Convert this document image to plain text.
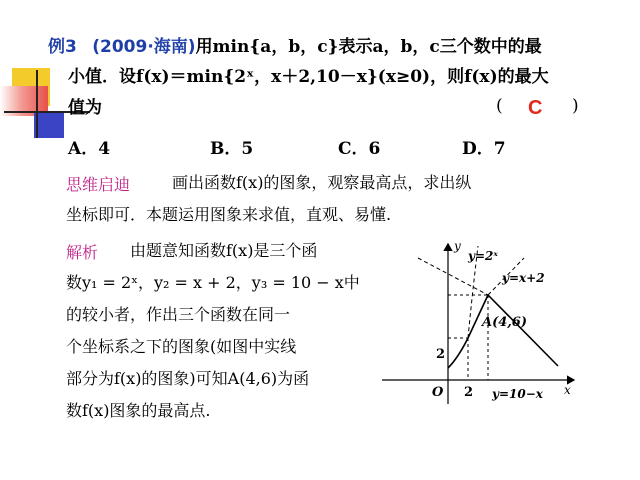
例3 (2009·海南)用min{a，b，c}表示a，b，c三个数中的最
小值．设f(x)＝min{2ˣ，x＋2,10－x}(x≥0)，则f(x)的最大
值为	( C )
A．4	B．5	C．6	D．7
思维启迪	画出函数f(x)的图象，观察最高点，求出纵
坐标即可．本题运用图象来求值，直观、易懂.
解析 由题意知函数f(x)是三个函
数y₁ = 2ˣ，y₂ = x + 2，y₃ = 10 − x中
的较小者，作出三个函数在同一
个坐标系之下的图象(如图中实线
部分为f(x)的图象)可知A(4,6)为函
数f(x)图象的最高点.
y
x
O 2
2
y=2ˣ
y=x+2
y=10−x
A(4,6)
